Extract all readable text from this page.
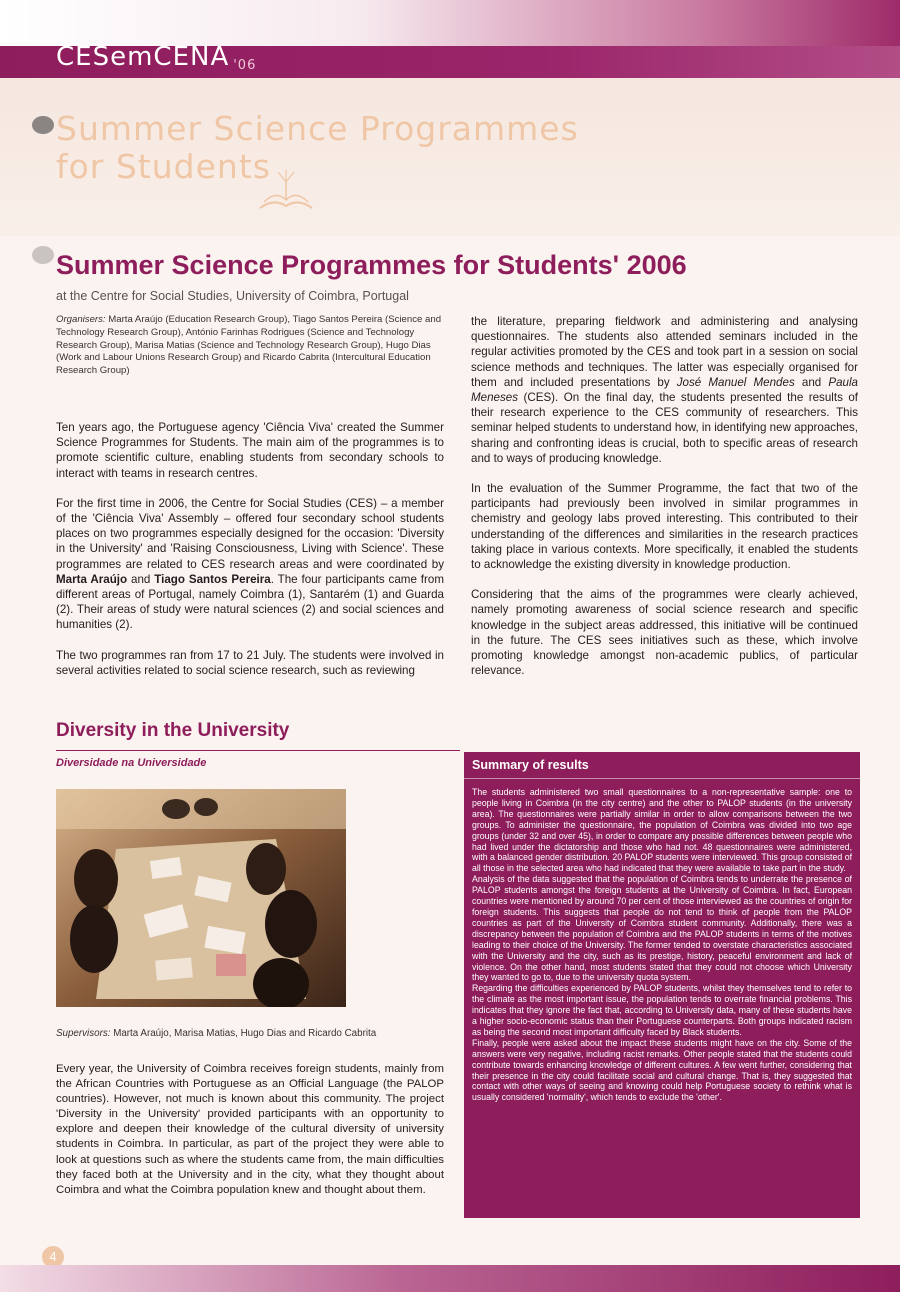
CESemCENA $_{'06}$
Summer Science Programmes
for Students
Summer Science Programmes for Students' 2006
at the Centre for Social Studies, University of Coimbra, Portugal
Organisers: Marta Araújo (Education Research Group), Tiago Santos Pereira (Science and Technology Research Group), António Farinhas Rodrigues (Science and Technology Research Group), Marisa Matias (Science and Technology Research Group), Hugo Dias (Work and Labour Unions Research Group) and Ricardo Cabrita (Intercultural Education Research Group)

Ten years ago, the Portuguese agency 'Ciência Viva' created the Summer Science Programmes for Students. The main aim of the programmes is to promote scientific culture, enabling students from secondary schools to interact with teams in research centres.

For the first time in 2006, the Centre for Social Studies (CES) – a member of the 'Ciência Viva' Assembly – offered four secondary school students places on two programmes especially designed for the occasion: 'Diversity in the University' and 'Raising Consciousness, Living with Science'. These programmes are related to CES research areas and were coordinated by Marta Araújo and Tiago Santos Pereira. The four participants came from different areas of Portugal, namely Coimbra (1), Santarém (1) and Guarda (2). Their areas of study were natural sciences (2) and social sciences and humanities (2).

The two programmes ran from 17 to 21 July. The students were involved in several activities related to social science research, such as reviewing

the literature, preparing fieldwork and administering and analysing questionnaires. The students also attended seminars included in the regular activities promoted by the CES and took part in a session on social science methods and techniques. The latter was especially organised for them and included presentations by José Manuel Mendes and Paula Meneses (CES). On the final day, the students presented the results of their research experience to the CES community of researchers. This seminar helped students to understand how, in identifying new approaches, sharing and confronting ideas is crucial, both to specific areas of research and to ways of producing knowledge.

In the evaluation of the Summer Programme, the fact that two of the participants had previously been involved in similar programmes in chemistry and geology labs proved interesting. This contributed to their understanding of the differences and similarities in the research practices taking place in various contexts. More specifically, it enabled the students to acknowledge the existing diversity in knowledge production.

Considering that the aims of the programmes were clearly achieved, namely promoting awareness of social science research and specific knowledge in the subject areas addressed, this initiative will be continued in the future. The CES sees initiatives such as these, which involve promoting knowledge amongst non-academic publics, of particular relevance.

Diversity in the University
Diversidade na Universidade
Supervisors: Marta Araújo, Marisa Matias, Hugo Dias and Ricardo Cabrita

Every year, the University of Coimbra receives foreign students, mainly from the African Countries with Portuguese as an Official Language (the PALOP countries). However, not much is known about this community. The project 'Diversity in the University' provided participants with an opportunity to explore and deepen their knowledge of the cultural diversity of university students in Coimbra. In particular, as part of the project they were able to look at questions such as where the students came from, the main difficulties they faced both at the University and in the city, what they thought about Coimbra and what the Coimbra population knew and thought about them.

Summary of results

The students administered two small questionnaires to a non-representative sample: one to people living in Coimbra (in the city centre) and the other to PALOP students (in the university area). The questionnaires were partially similar in order to allow comparisons between the two groups. To administer the questionnaire, the population of Coimbra was divided into two age groups (under 32 and over 45), in order to compare any possible differences between people who had lived under the dictatorship and those who had not. 48 questionnaires were administered, with a balanced gender distribution. 20 PALOP students were interviewed. This group consisted of all those in the selected area who had indicated that they were available to take part in the study.

Analysis of the data suggested that the population of Coimbra tends to underrate the presence of PALOP students amongst the foreign students at the University of Coimbra. In fact, European countries were mentioned by around 70 per cent of those interviewed as the countries of origin for foreign students. This suggests that people do not tend to think of people from the PALOP countries as part of the University of Coimbra student community. Additionally, there was a discrepancy between the population of Coimbra and the PALOP students in terms of the motives leading to their choice of the University. The former tended to overstate characteristics associated with the University and the city, such as its prestige, history, peaceful environment and lack of violence. On the other hand, most students stated that they could not choose which University they wanted to go to, due to the university quota system.

Regarding the difficulties experienced by PALOP students, whilst they themselves tend to refer to the climate as the most important issue, the population tends to overrate financial problems. This indicates that they ignore the fact that, according to University data, many of these students have a higher socio-economic status than their Portuguese counterparts. Both groups indicated racism as being the second most important difficulty faced by Black students.

Finally, people were asked about the impact these students might have on the city. Some of the answers were very negative, including racist remarks. Other people stated that the students could contribute towards enhancing knowledge of different cultures. A few went further, considering that their presence in the city could facilitate social and cultural change. That is, they suggested that contact with other ways of seeing and knowing could help Portuguese society to rethink what is usually considered 'normality', which tends to exclude the 'other'.

4
